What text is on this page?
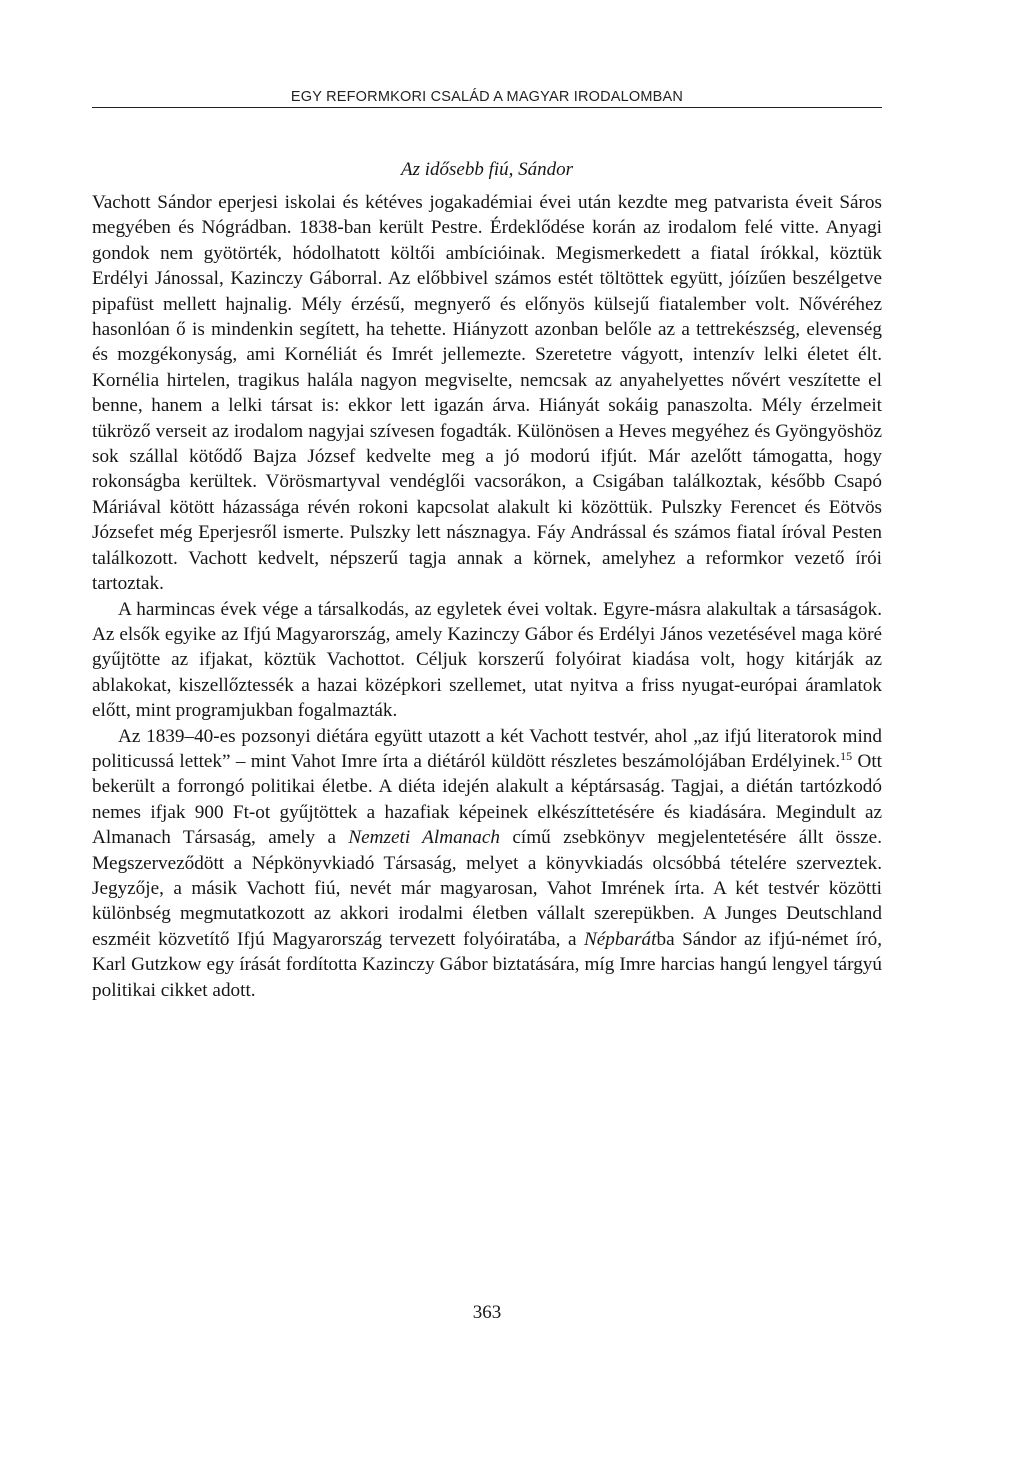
EGY REFORMKORI CSALÁD A MAGYAR IRODALOMBAN
Az idősebb fiú, Sándor

Vachott Sándor eperjesi iskolai és kétéves jogakadémiai évei után kezdte meg patvarista éveit Sáros megyében és Nógrádban. 1838-ban került Pestre. Érdeklődése korán az irodalom felé vitte. Anyagi gondok nem gyötörték, hódolhatott költői ambícióinak. Megismerkedett a fiatal írókkal, köztük Erdélyi Jánossal, Kazinczy Gáborral. Az előbbivel számos estét töltöttek együtt, jóízűen beszélgetve pipafüst mellett hajnalig. Mély érzésű, megnyerő és előnyös külsejű fiatalember volt. Nővéréhez hasonlóan ő is mindenkin segített, ha tehette. Hiányzott azonban belőle az a tettrekészség, elevenség és mozgékonyság, ami Kornéliát és Imrét jellemezte. Szeretetre vágyott, intenzív lelki életet élt. Kornélia hirtelen, tragikus halála nagyon megviselte, nemcsak az anyahelyettes nővért veszítette el benne, hanem a lelki társat is: ekkor lett igazán árva. Hiányát sokáig panaszolta. Mély érzelmeit tükröző verseit az irodalom nagyjai szívesen fogadták. Különösen a Heves megyéhez és Gyöngyöshöz sok szállal kötődő Bajza József kedvelte meg a jó modorú ifjút. Már azelőtt támogatta, hogy rokonságba kerültek. Vörösmartyval vendéglői vacsorákon, a Csigában találkoztak, később Csapó Máriával kötött házassága révén rokoni kapcsolat alakult ki közöttük. Pulszky Ferencet és Eötvös Józsefet még Eperjesről ismerte. Pulszky lett násznagya. Fáy Andrással és számos fiatal íróval Pesten találkozott. Vachott kedvelt, népszerű tagja annak a körnek, amelyhez a reformkor vezető írói tartoztak.

A harmincas évek vége a társalkodás, az egyletek évei voltak. Egyre-másra alakultak a társaságok. Az elsők egyike az Ifjú Magyarország, amely Kazinczy Gábor és Erdélyi János vezetésével maga köré gyűjtötte az ifjakat, köztük Vachottot. Céljuk korszerű folyóirat kiadása volt, hogy kitárják az ablakokat, kiszellőztessék a hazai középkori szellemet, utat nyitva a friss nyugat-európai áramlatok előtt, mint programjukban fogalmazták.

Az 1839–40-es pozsonyi diétára együtt utazott a két Vachott testvér, ahol „az ifjú literatorok mind politicussá lettek” – mint Vahot Imre írta a diétáról küldött részletes beszámolójában Erdélyinek.$^{15}$ Ott bekerült a forrongó politikai életbe. A diéta idején alakult a képtársaság. Tagjai, a diétán tartózkodó nemes ifjak 900 Ft-ot gyűjtöttek a hazafiak képeinek elkészíttetésére és kiadására. Megindult az Almanach Társaság, amely a Nemzeti Almanach című zsebkönyv megjelentetésére állt össze. Megszerveződött a Népkönyvkiadó Társaság, melyet a könyvkiadás olcsóbbá tételére szerveztek. Jegyzője, a másik Vachott fiú, nevét már magyarosan, Vahot Imrének írta. A két testvér közötti különbség megmutatkozott az akkori irodalmi életben vállalt szerepükben. A Junges Deutschland eszméit közvetítő Ifjú Magyarország tervezett folyóiratába, a Népbarátba Sándor az ifjú-német író, Karl Gutzkow egy írását fordította Kazinczy Gábor biztatására, míg Imre harcias hangú lengyel tárgyú politikai cikket adott.

363
